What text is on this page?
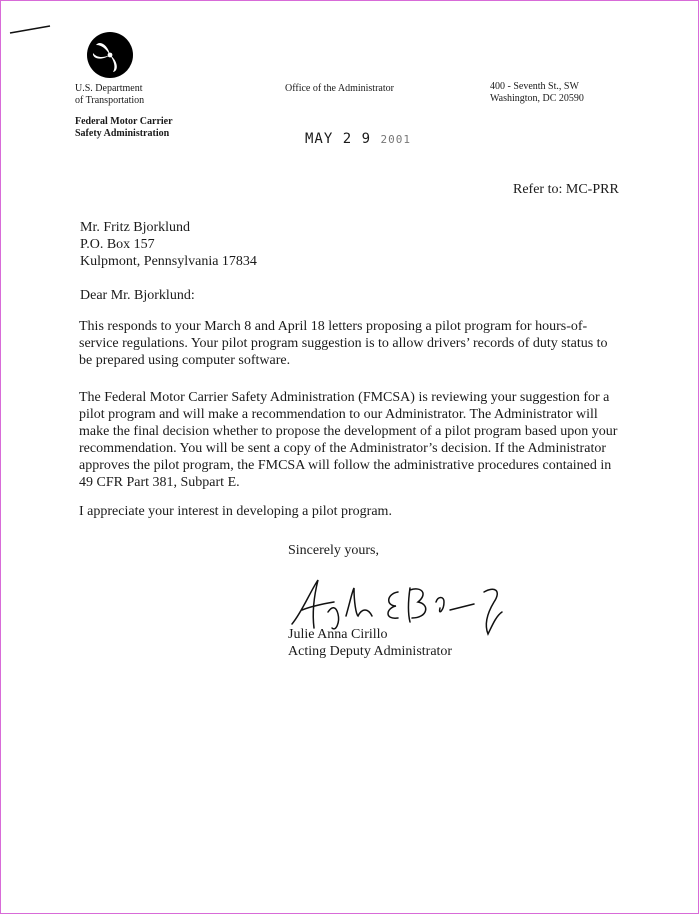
U.S. Department
of Transportation
Federal Motor Carrier
Safety Administration
Office of the Administrator	400 - Seventh St., SW
Washington, DC 20590
MAY 2 9 2001
Refer to: MC-PRR
Mr. Fritz Bjorklund
P.O. Box 157
Kulpmont, Pennsylvania 17834
Dear Mr. Bjorklund:
This responds to your March 8 and April 18 letters proposing a pilot program for hours-of-service regulations. Your pilot program suggestion is to allow drivers’ records of duty status to be prepared using computer software.
The Federal Motor Carrier Safety Administration (FMCSA) is reviewing your suggestion for a pilot program and will make a recommendation to our Administrator. The Administrator will make the final decision whether to propose the development of a pilot program based upon your recommendation. You will be sent a copy of the Administrator’s decision. If the Administrator approves the pilot program, the FMCSA will follow the administrative procedures contained in 49 CFR Part 381, Subpart E.
I appreciate your interest in developing a pilot program.
Sincerely yours,
Julie Anna Cirillo
Acting Deputy Administrator
